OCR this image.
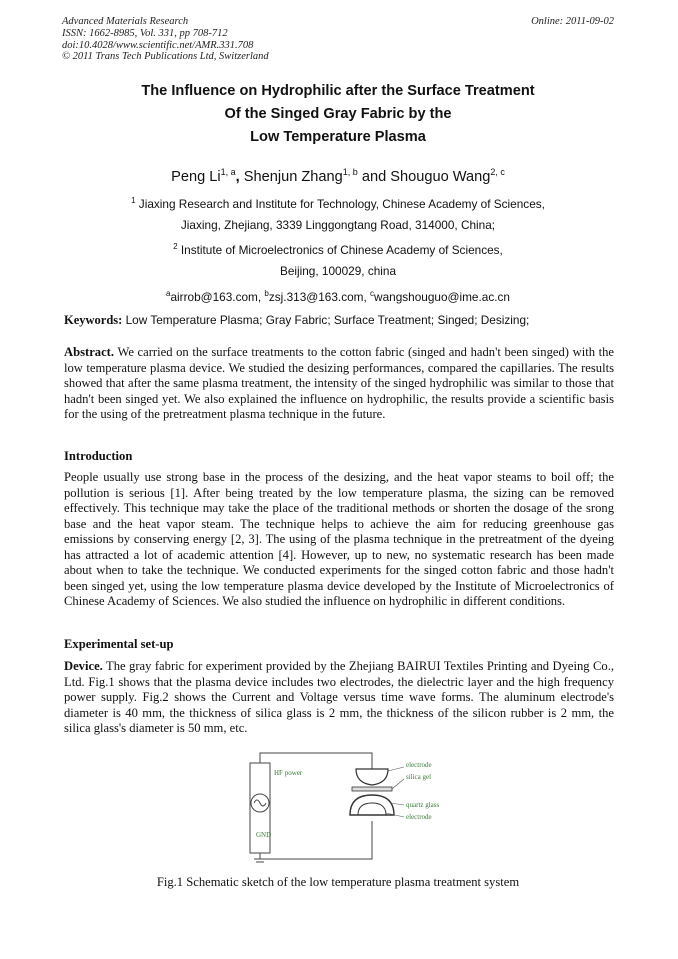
Advanced Materials Research
ISSN: 1662-8985, Vol. 331, pp 708-712
doi:10.4028/www.scientific.net/AMR.331.708
© 2011 Trans Tech Publications Ltd, Switzerland
Online: 2011-09-02
The Influence on Hydrophilic after the Surface Treatment
Of the Singed Gray Fabric by the
Low Temperature Plasma
Peng Li$^{1, a}$, Shenjun Zhang$^{1, b}$ and Shouguo Wang$^{2, c}$
$^1$ Jiaxing Research and Institute for Technology, Chinese Academy of Sciences,
Jiaxing, Zhejiang, 3339 Linggongtang Road, 314000, China;
$^2$ Institute of Microelectronics of Chinese Academy of Sciences,
Beijing, 100029, china
$^a$airrob@163.com, $^b$zsj.313@163.com, $^c$wangshouguo@ime.ac.cn
Keywords: Low Temperature Plasma; Gray Fabric; Surface Treatment; Singed; Desizing;
Abstract. We carried on the surface treatments to the cotton fabric (singed and hadn't been singed) with the low temperature plasma device. We studied the desizing performances, compared the capillaries. The results showed that after the same plasma treatment, the intensity of the singed hydrophilic was similar to those that hadn't been singed yet. We also explained the influence on hydrophilic, the results provide a scientific basis for the using of the pretreatment plasma technique in the future.
Introduction
People usually use strong base in the process of the desizing, and the heat vapor steams to boil off; the pollution is serious [1]. After being treated by the low temperature plasma, the sizing can be removed effectively. This technique may take the place of the traditional methods or shorten the dosage of the srong base and the heat vapor steam. The technique helps to achieve the aim for reducing greenhouse gas emissions by conserving energy [2, 3]. The using of the plasma technique in the pretreatment of the dyeing has attracted a lot of academic attention [4]. However, up to new, no systematic research has been made about when to take the technique. We conducted experiments for the singed cotton fabric and those hadn't been singed yet, using the low temperature plasma device developed by the Institute of Microelectronics of Chinese Academy of Sciences. We also studied the influence on hydrophilic in different conditions.
Experimental set-up
Device. The gray fabric for experiment provided by the Zhejiang BAIRUI Textiles Printing and Dyeing Co., Ltd. Fig.1 shows that the plasma device includes two electrodes, the dielectric layer and the high frequency power supply. Fig.2 shows the Current and Voltage versus time wave forms. The aluminum electrode's diameter is 40 mm, the thickness of silica glass is 2 mm, the thickness of the silicon rubber is 2 mm, the silica glass's diameter is 50 mm, etc.
HF power
GND
electrode
silica gel
quartz glass
electrode
Fig.1 Schematic sketch of the low temperature plasma treatment system
